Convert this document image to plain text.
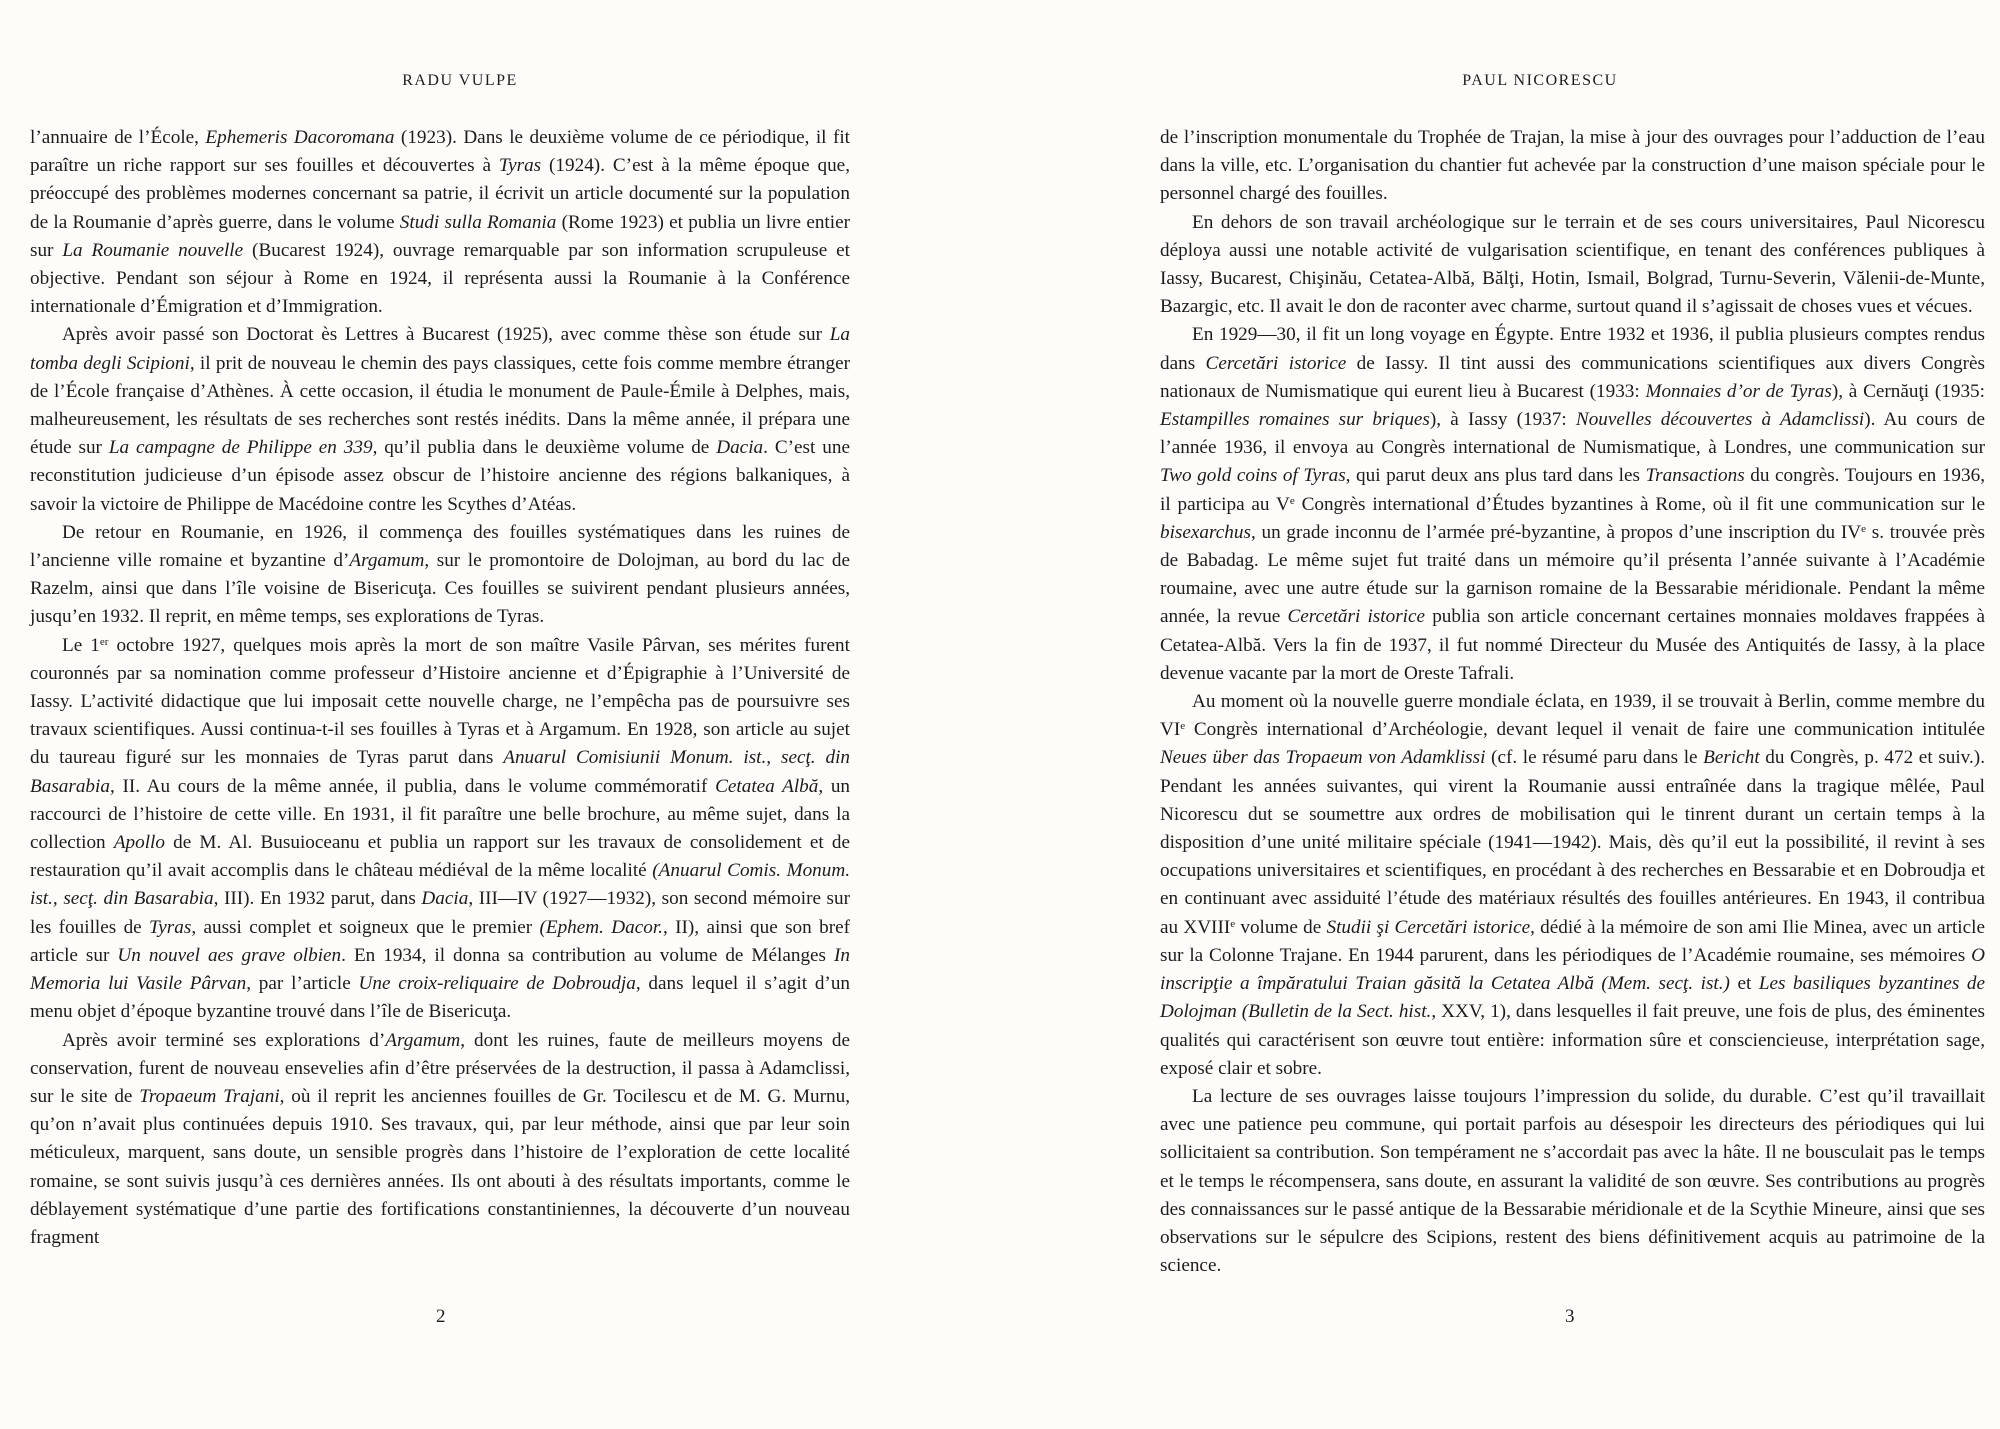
RADU VULPE

l’annuaire de l’École, Ephemeris Dacoromana (1923). Dans le deuxième volume de ce périodique, il fit paraître un riche rapport sur ses fouilles et découvertes à Tyras (1924). C’est à la même époque que, préoccupé des problèmes modernes concernant sa patrie, il écrivit un article documenté sur la population de la Roumanie d’après guerre, dans le volume Studi sulla Romania (Rome 1923) et publia un livre entier sur La Roumanie nouvelle (Bucarest 1924), ouvrage remarquable par son information scrupuleuse et objective. Pendant son séjour à Rome en 1924, il représenta aussi la Roumanie à la Conférence internationale d’Émigration et d’Immigration.

Après avoir passé son Doctorat ès Lettres à Bucarest (1925), avec comme thèse son étude sur La tomba degli Scipioni, il prit de nouveau le chemin des pays classiques, cette fois comme membre étranger de l’École française d’Athènes. À cette occasion, il étudia le monument de Paule-Émile à Delphes, mais, malheureusement, les résultats de ses recherches sont restés inédits. Dans la même année, il prépara une étude sur La campagne de Philippe en 339, qu’il publia dans le deuxième volume de Dacia. C’est une reconstitution judicieuse d’un épisode assez obscur de l’histoire ancienne des régions balkaniques, à savoir la victoire de Philippe de Macédoine contre les Scythes d’Atéas.

De retour en Roumanie, en 1926, il commença des fouilles systématiques dans les ruines de l’ancienne ville romaine et byzantine d’Argamum, sur le promontoire de Dolojman, au bord du lac de Razelm, ainsi que dans l’île voisine de Bisericuţa. Ces fouilles se suivirent pendant plusieurs années, jusqu’en 1932. Il reprit, en même temps, ses explorations de Tyras.

Le 1er octobre 1927, quelques mois après la mort de son maître Vasile Pârvan, ses mérites furent couronnés par sa nomination comme professeur d’Histoire ancienne et d’Épigraphie à l’Université de Iassy. L’activité didactique que lui imposait cette nouvelle charge, ne l’empêcha pas de poursuivre ses travaux scientifiques. Aussi continua-t-il ses fouilles à Tyras et à Argamum. En 1928, son article au sujet du taureau figuré sur les monnaies de Tyras parut dans Anuarul Comisiunii Monum. ist., secţ. din Basarabia, II. Au cours de la même année, il publia, dans le volume commémoratif Cetatea Albă, un raccourci de l’histoire de cette ville. En 1931, il fit paraître une belle brochure, au même sujet, dans la collection Apollo de M. Al. Busuioceanu et publia un rapport sur les travaux de consolidement et de restauration qu’il avait accomplis dans le château médiéval de la même localité (Anuarul Comis. Monum. ist., secţ. din Basarabia, III). En 1932 parut, dans Dacia, III—IV (1927—1932), son second mémoire sur les fouilles de Tyras, aussi complet et soigneux que le premier (Ephem. Dacor., II), ainsi que son bref article sur Un nouvel aes grave olbien. En 1934, il donna sa contribution au volume de Mélanges In Memoria lui Vasile Pârvan, par l’article Une croix-reliquaire de Dobroudja, dans lequel il s’agit d’un menu objet d’époque byzantine trouvé dans l’île de Bisericuţa.

Après avoir terminé ses explorations d’Argamum, dont les ruines, faute de meilleurs moyens de conservation, furent de nouveau ensevelies afin d’être préservées de la destruction, il passa à Adamclissi, sur le site de Tropaeum Trajani, où il reprit les anciennes fouilles de Gr. Tocilescu et de M. G. Murnu, qu’on n’avait plus continuées depuis 1910. Ses travaux, qui, par leur méthode, ainsi que par leur soin méticuleux, marquent, sans doute, un sensible progrès dans l’histoire de l’exploration de cette localité romaine, se sont suivis jusqu’à ces dernières années. Ils ont abouti à des résultats importants, comme le déblayement systématique d’une partie des fortifications constantiniennes, la découverte d’un nouveau fragment

2
PAUL NICORESCU

de l’inscription monumentale du Trophée de Trajan, la mise à jour des ouvrages pour l’adduction de l’eau dans la ville, etc. L’organisation du chantier fut achevée par la construction d’une maison spéciale pour le personnel chargé des fouilles.

En dehors de son travail archéologique sur le terrain et de ses cours universitaires, Paul Nicorescu déploya aussi une notable activité de vulgarisation scientifique, en tenant des conférences publiques à Iassy, Bucarest, Chişinău, Cetatea-Albă, Bălţi, Hotin, Ismail, Bolgrad, Turnu-Severin, Vălenii-de-Munte, Bazargic, etc. Il avait le don de raconter avec charme, surtout quand il s’agissait de choses vues et vécues.

En 1929—30, il fit un long voyage en Égypte. Entre 1932 et 1936, il publia plusieurs comptes rendus dans Cercetări istorice de Iassy. Il tint aussi des communications scientifiques aux divers Congrès nationaux de Numismatique qui eurent lieu à Bucarest (1933: Monnaies d’or de Tyras), à Cernăuţi (1935: Estampilles romaines sur briques), à Iassy (1937: Nouvelles découvertes à Adamclissi). Au cours de l’année 1936, il envoya au Congrès international de Numismatique, à Londres, une communication sur Two gold coins of Tyras, qui parut deux ans plus tard dans les Transactions du congrès. Toujours en 1936, il participa au Ve Congrès international d’Études byzantines à Rome, où il fit une communication sur le bisexarchus, un grade inconnu de l’armée pré-byzantine, à propos d’une inscription du IVe s. trouvée près de Babadag. Le même sujet fut traité dans un mémoire qu’il présenta l’année suivante à l’Académie roumaine, avec une autre étude sur la garnison romaine de la Bessarabie méridionale. Pendant la même année, la revue Cercetări istorice publia son article concernant certaines monnaies moldaves frappées à Cetatea-Albă. Vers la fin de 1937, il fut nommé Directeur du Musée des Antiquités de Iassy, à la place devenue vacante par la mort de Oreste Tafrali.

Au moment où la nouvelle guerre mondiale éclata, en 1939, il se trouvait à Berlin, comme membre du VIe Congrès international d’Archéologie, devant lequel il venait de faire une communication intitulée Neues über das Tropaeum von Adamklissi (cf. le résumé paru dans le Bericht du Congrès, p. 472 et suiv.). Pendant les années suivantes, qui virent la Roumanie aussi entraînée dans la tragique mêlée, Paul Nicorescu dut se soumettre aux ordres de mobilisation qui le tinrent durant un certain temps à la disposition d’une unité militaire spéciale (1941—1942). Mais, dès qu’il eut la possibilité, il revint à ses occupations universitaires et scientifiques, en procédant à des recherches en Bessarabie et en Dobroudja et en continuant avec assiduité l’étude des matériaux résultés des fouilles antérieures. En 1943, il contribua au XVIIIe volume de Studii şi Cercetări istorice, dédié à la mémoire de son ami Ilie Minea, avec un article sur la Colonne Trajane. En 1944 parurent, dans les périodiques de l’Académie roumaine, ses mémoires O inscripţie a împăratului Traian găsită la Cetatea Albă (Mem. secţ. ist.) et Les basiliques byzantines de Dolojman (Bulletin de la Sect. hist., XXV, 1), dans lesquelles il fait preuve, une fois de plus, des éminentes qualités qui caractérisent son œuvre tout entière: information sûre et consciencieuse, interprétation sage, exposé clair et sobre.

La lecture de ses ouvrages laisse toujours l’impression du solide, du durable. C’est qu’il travaillait avec une patience peu commune, qui portait parfois au désespoir les directeurs des périodiques qui lui sollicitaient sa contribution. Son tempérament ne s’accordait pas avec la hâte. Il ne bousculait pas le temps et le temps le récompensera, sans doute, en assurant la validité de son œuvre. Ses contributions au progrès des connaissances sur le passé antique de la Bessarabie méridionale et de la Scythie Mineure, ainsi que ses observations sur le sépulcre des Scipions, restent des biens définitivement acquis au patrimoine de la science.

3
